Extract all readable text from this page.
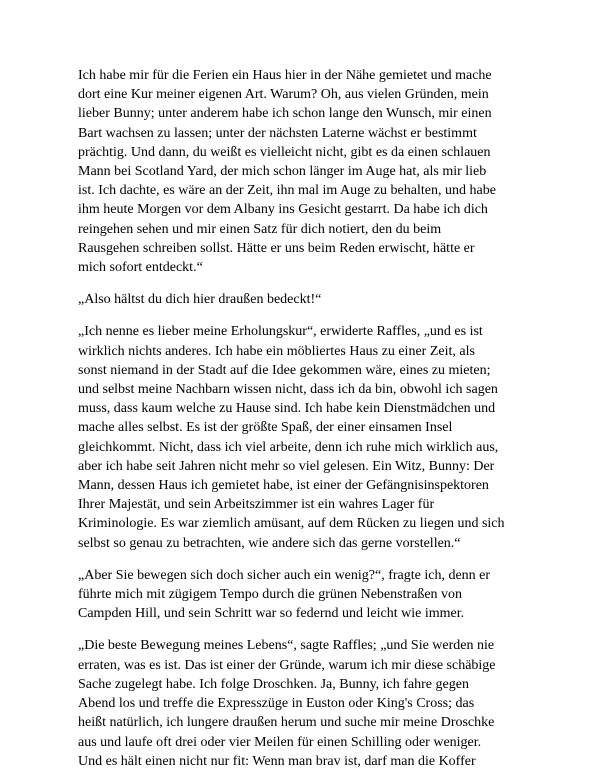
Ich habe mir für die Ferien ein Haus hier in der Nähe gemietet und mache
dort eine Kur meiner eigenen Art. Warum? Oh, aus vielen Gründen, mein
lieber Bunny; unter anderem habe ich schon lange den Wunsch, mir einen
Bart wachsen zu lassen; unter der nächsten Laterne wächst er bestimmt
prächtig. Und dann, du weißt es vielleicht nicht, gibt es da einen schlauen
Mann bei Scotland Yard, der mich schon länger im Auge hat, als mir lieb
ist. Ich dachte, es wäre an der Zeit, ihn mal im Auge zu behalten, und habe
ihm heute Morgen vor dem Albany ins Gesicht gestarrt. Da habe ich dich
reingehen sehen und mir einen Satz für dich notiert, den du beim
Rausgehen schreiben sollst. Hätte er uns beim Reden erwischt, hätte er
mich sofort entdeckt.“

„Also hältst du dich hier draußen bedeckt!“

„Ich nenne es lieber meine Erholungskur“, erwiderte Raffles, „und es ist
wirklich nichts anderes. Ich habe ein möbliertes Haus zu einer Zeit, als
sonst niemand in der Stadt auf die Idee gekommen wäre, eines zu mieten;
und selbst meine Nachbarn wissen nicht, dass ich da bin, obwohl ich sagen
muss, dass kaum welche zu Hause sind. Ich habe kein Dienstmädchen und
mache alles selbst. Es ist der größte Spaß, der einer einsamen Insel
gleichkommt. Nicht, dass ich viel arbeite, denn ich ruhe mich wirklich aus,
aber ich habe seit Jahren nicht mehr so viel gelesen. Ein Witz, Bunny: Der
Mann, dessen Haus ich gemietet habe, ist einer der Gefängnisinspektoren
Ihrer Majestät, und sein Arbeitszimmer ist ein wahres Lager für
Kriminologie. Es war ziemlich amüsant, auf dem Rücken zu liegen und sich
selbst so genau zu betrachten, wie andere sich das gerne vorstellen.“

„Aber Sie bewegen sich doch sicher auch ein wenig?“, fragte ich, denn er
führte mich mit zügigem Tempo durch die grünen Nebenstraßen von
Campden Hill, und sein Schritt war so federnd und leicht wie immer.

„Die beste Bewegung meines Lebens“, sagte Raffles; „und Sie werden nie
erraten, was es ist. Das ist einer der Gründe, warum ich mir diese schäbige
Sache zugelegt habe. Ich folge Droschken. Ja, Bunny, ich fahre gegen
Abend los und treffe die Expresszüge in Euston oder King's Cross; das
heißt natürlich, ich lungere draußen herum und suche mir meine Droschke
aus und laufe oft drei oder vier Meilen für einen Schilling oder weniger.
Und es hält einen nicht nur fit: Wenn man brav ist, darf man die Koffer
